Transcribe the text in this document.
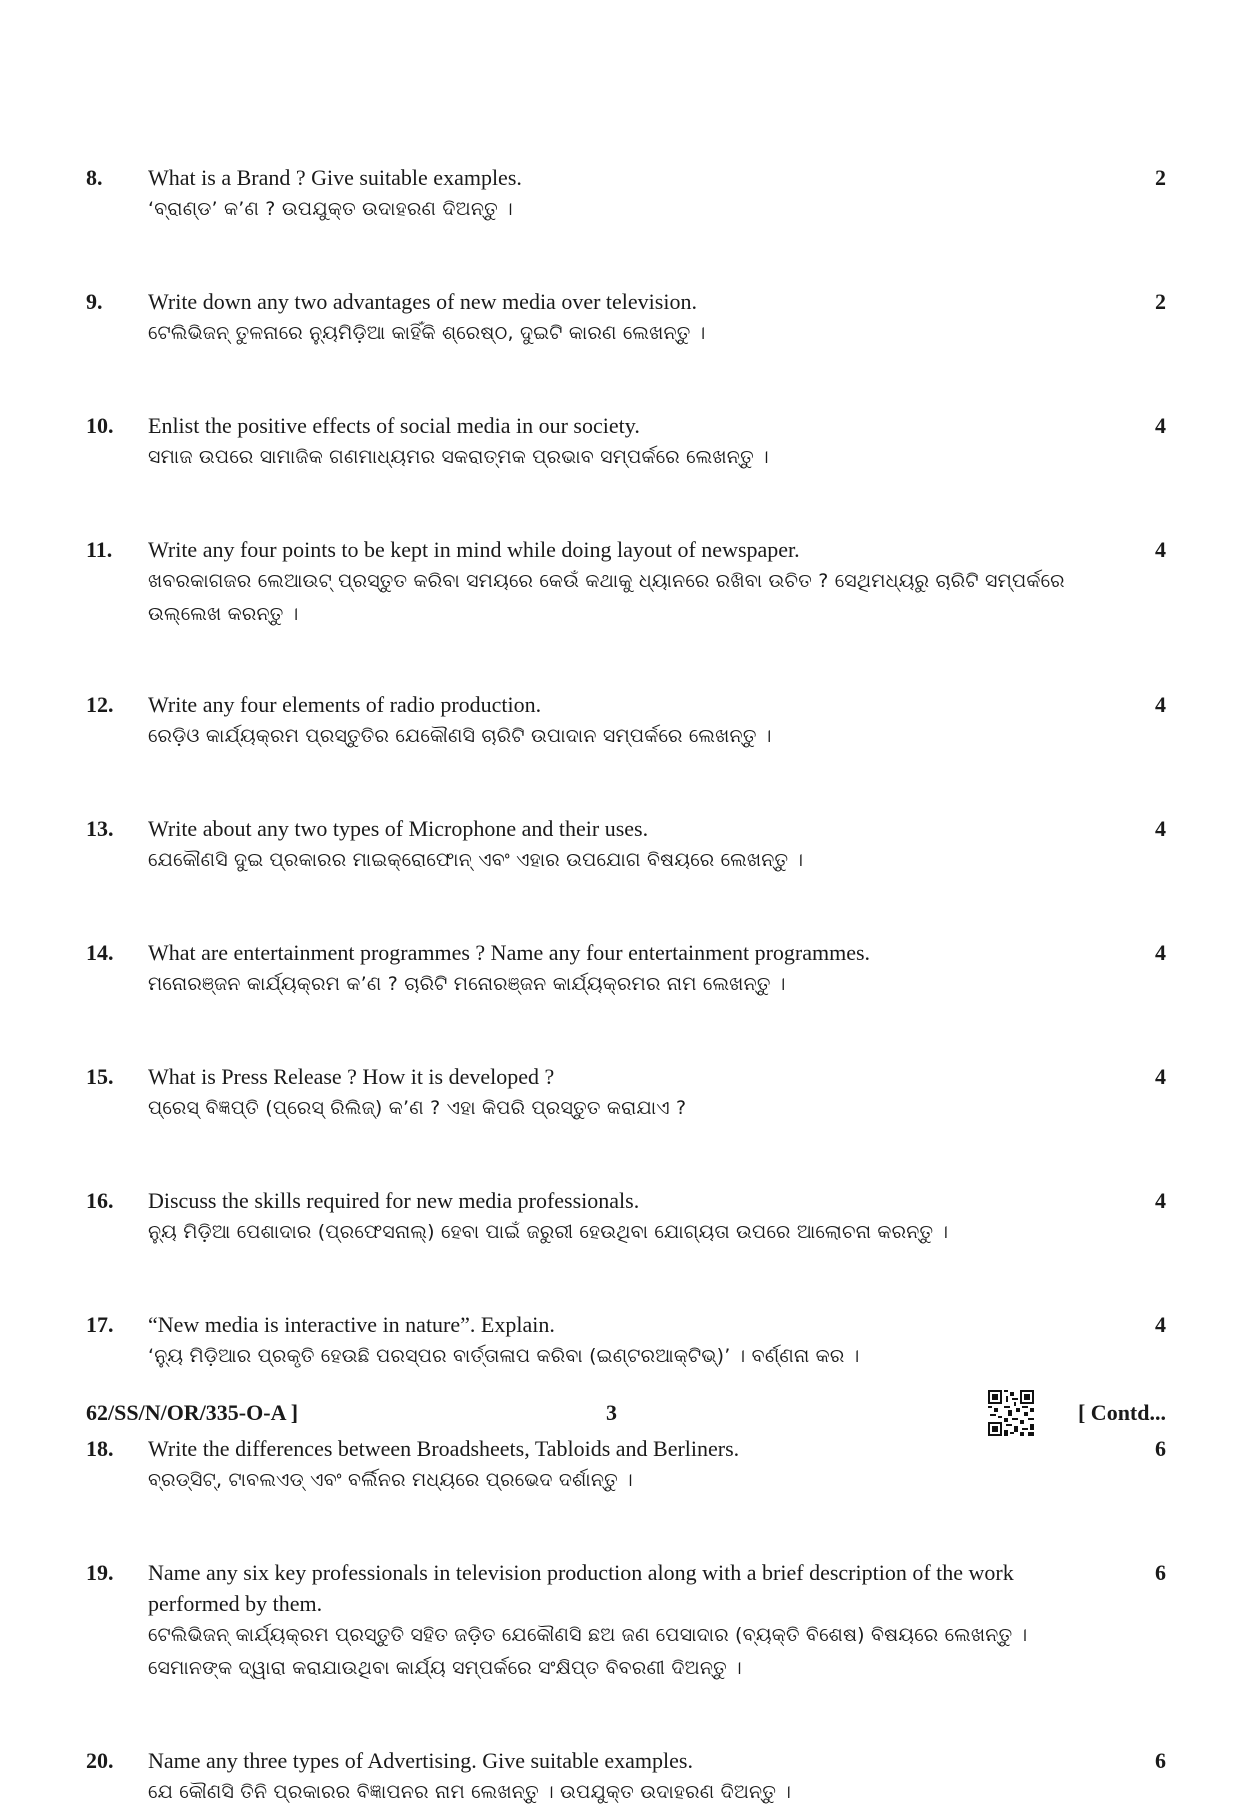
8.	What is a Brand ? Give suitable examples.
‘ବ୍ରାଣ୍ଡ’ କ’ଣ ? ଉପଯୁକ୍ତ ଉଦାହରଣ ଦିଅନ୍ତୁ ।
2
9.	Write down any two advantages of new media over television.
ଟେଲିଭିଜନ୍ ତୁଳନାରେ ନ୍ୟୁମିଡ଼ିଆ କାହିଁକି ଶ୍ରେଷ୍ଠ, ଦୁଇଟି କାରଣ ଲେଖନ୍ତୁ ।
2
10.	Enlist the positive effects of social media in our society.
ସମାଜ ଉପରେ ସାମାଜିକ ଗଣମାଧ୍ୟମର ସକରାତ୍ମକ ପ୍ରଭାବ ସମ୍ପର୍କରେ ଲେଖନ୍ତୁ ।
4
11.	Write any four points to be kept in mind while doing layout of newspaper.
ଖବରକାଗଜର ଲେଆଉଟ୍ ପ୍ରସ୍ତୁତ କରିବା ସମୟରେ କେଉଁ କଥାକୁ ଧ୍ୟାନରେ ରଖିବା ଉଚିତ ? ସେଥିମଧ୍ୟରୁ ଚାରିଟି ସମ୍ପର୍କରେ ଉଲ୍ଲେଖ କରନ୍ତୁ ।
4
12.	Write any four elements of radio production.
ରେଡ଼ିଓ କାର୍ଯ୍ୟକ୍ରମ ପ୍ରସ୍ତୁତିର ଯେକୌଣସି ଚାରିଟି ଉପାଦାନ ସମ୍ପର୍କରେ ଲେଖନ୍ତୁ ।
4
13.	Write about any two types of Microphone and their uses.
ଯେକୌଣସି ଦୁଇ ପ୍ରକାରର ମାଇକ୍ରୋଫୋନ୍ ଏବଂ ଏହାର ଉପଯୋଗ ବିଷୟରେ ଲେଖନ୍ତୁ ।
4
14.	What are entertainment programmes ? Name any four entertainment programmes.
ମନୋରଞ୍ଜନ କାର୍ଯ୍ୟକ୍ରମ କ’ଣ ? ଚାରିଟି ମନୋରଞ୍ଜନ କାର୍ଯ୍ୟକ୍ରମର ନାମ ଲେଖନ୍ତୁ ।
4
15.	What is Press Release ? How it is developed ?
ପ୍ରେସ୍ ବିଜ୍ଞପ୍ତି (ପ୍ରେସ୍ ରିଲିଜ୍) କ’ଣ ? ଏହା କିପରି ପ୍ରସ୍ତୁତ କରାଯାଏ ?
4
16.	Discuss the skills required for new media professionals.
ନ୍ୟୁ ମିଡ଼ିଆ ପେଶାଦାର (ପ୍ରଫେସନାଲ୍) ହେବା ପାଇଁ ଜରୁରୀ ହେଉଥିବା ଯୋଗ୍ୟତା ଉପରେ ଆଲୋଚନା କରନ୍ତୁ ।
4
17.	“New media is interactive in nature”. Explain.
‘ନ୍ୟୁ ମିଡ଼ିଆର ପ୍ରକୃତି ହେଉଛି ପରସ୍ପର ବାର୍ତ୍ତାଳାପ କରିବା (ଇଣ୍ଟରଆକ୍ଟିଭ୍)’ । ବର୍ଣ୍ଣନା କର ।
4
18.	Write the differences between Broadsheets, Tabloids and Berliners.
ବ୍ରଡ୍‌ସିଟ୍, ଟାବଲଏଡ୍ ଏବଂ ବର୍ଲିନର ମଧ୍ୟରେ ପ୍ରଭେଦ ଦର୍ଶାନ୍ତୁ ।
6
19.	Name any six key professionals in television production along with a brief description of the work performed by them.
ଟେଲିଭିଜନ୍ କାର୍ଯ୍ୟକ୍ରମ ପ୍ରସ୍ତୁତି ସହିତ ଜଡ଼ିତ ଯେକୌଣସି ଛଅ ଜଣ ପେସାଦାର (ବ୍ୟକ୍ତି ବିଶେଷ) ବିଷୟରେ ଲେଖନ୍ତୁ । ସେମାନଙ୍କ ଦ୍ୱାରା କରାଯାଉଥିବା କାର୍ଯ୍ୟ ସମ୍ପର୍କରେ ସଂକ୍ଷିପ୍ତ ବିବରଣୀ ଦିଅନ୍ତୁ ।
6
20.	Name any three types of Advertising. Give suitable examples.
ଯେ କୌଣସି ତିନି ପ୍ରକାରର ବିଜ୍ଞାପନର ନାମ ଲେଖନ୍ତୁ । ଉପଯୁକ୍ତ ଉଦାହରଣ ଦିଅନ୍ତୁ ।
6
62/SS/N/OR/335-O-A ]	3	[ Contd...
